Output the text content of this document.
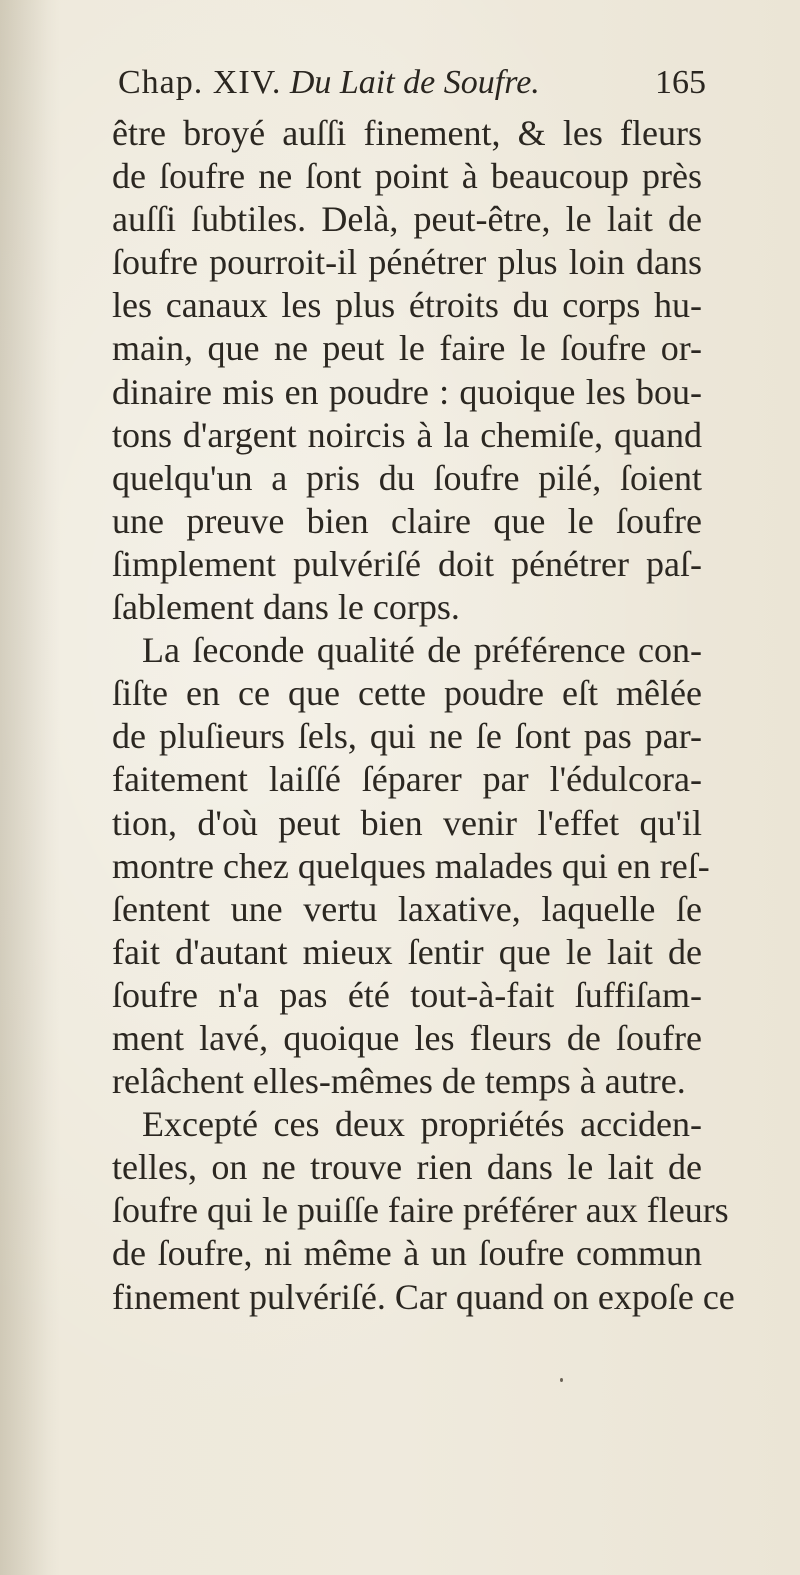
Chap. XIV. Du Lait de Soufre.	165
être broyé auſſi finement, & les fleurs
de ſoufre ne ſont point à beaucoup près
auſſi ſubtiles. Delà, peut-être, le lait de
ſoufre pourroit-il pénétrer plus loin dans
les canaux les plus étroits du corps hu-
main, que ne peut le faire le ſoufre or-
dinaire mis en poudre : quoique les bou-
tons d'argent noircis à la chemiſe, quand
quelqu'un a pris du ſoufre pilé, ſoient
une preuve bien claire que le ſoufre
ſimplement pulvériſé doit pénétrer paſ-
ſablement dans le corps.
La ſeconde qualité de préférence con-
ſiſte en ce que cette poudre eſt mêlée
de pluſieurs ſels, qui ne ſe ſont pas par-
faitement laiſſé ſéparer par l'édulcora-
tion, d'où peut bien venir l'effet qu'il
montre chez quelques malades qui en reſ-
ſentent une vertu laxative, laquelle ſe
fait d'autant mieux ſentir que le lait de
ſoufre n'a pas été tout-à-fait ſuffiſam-
ment lavé, quoique les fleurs de ſoufre
relâchent elles-mêmes de temps à autre.
Excepté ces deux propriétés acciden-
telles, on ne trouve rien dans le lait de
ſoufre qui le puiſſe faire préférer aux fleurs
de ſoufre, ni même à un ſoufre commun
finement pulvériſé. Car quand on expoſe ce
